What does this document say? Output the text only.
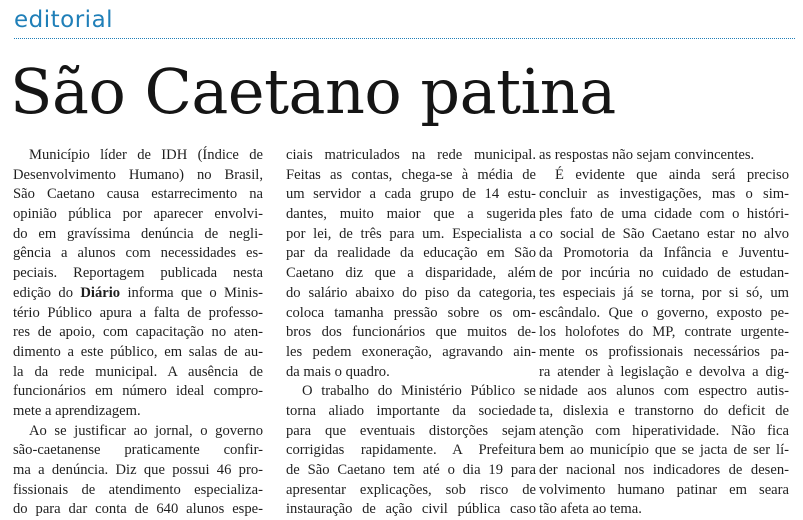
editorial
São Caetano patina
Município líder de IDH (Índice de
Desenvolvimento Humano) no Brasil,
São Caetano causa estarrecimento na
opinião pública por aparecer envolvi-
do em gravíssima denúncia de negli-
gência a alunos com necessidades es-
peciais. Reportagem publicada nesta
edição do Diário informa que o Minis-
tério Público apura a falta de professo-
res de apoio, com capacitação no aten-
dimento a este público, em salas de au-
la da rede municipal. A ausência de
funcionários em número ideal compro-
mete a aprendizagem.
Ao se justificar ao jornal, o governo
são-caetanense praticamente confir-
ma a denúncia. Diz que possui 46 pro-
fissionais de atendimento especializa-
do para dar conta de 640 alunos espe-
ciais matriculados na rede municipal.
Feitas as contas, chega-se à média de
um servidor a cada grupo de 14 estu-
dantes, muito maior que a sugerida
por lei, de três para um. Especialista a
par da realidade da educação em São
Caetano diz que a disparidade, além
do salário abaixo do piso da categoria,
coloca tamanha pressão sobre os om-
bros dos funcionários que muitos de-
les pedem exoneração, agravando ain-
da mais o quadro.
O trabalho do Ministério Público se
torna aliado importante da sociedade
para que eventuais distorções sejam
corrigidas rapidamente. A Prefeitura
de São Caetano tem até o dia 19 para
apresentar explicações, sob risco de
instauração de ação civil pública caso
as respostas não sejam convincentes.
É evidente que ainda será preciso
concluir as investigações, mas o sim-
ples fato de uma cidade com o históri-
co social de São Caetano estar no alvo
da Promotoria da Infância e Juventu-
de por incúria no cuidado de estudan-
tes especiais já se torna, por si só, um
escândalo. Que o governo, exposto pe-
los holofotes do MP, contrate urgente-
mente os profissionais necessários pa-
ra atender à legislação e devolva a dig-
nidade aos alunos com espectro autis-
ta, dislexia e transtorno do deficit de
atenção com hiperatividade. Não fica
bem ao município que se jacta de ser lí-
der nacional nos indicadores de desen-
volvimento humano patinar em seara
tão afeta ao tema.
